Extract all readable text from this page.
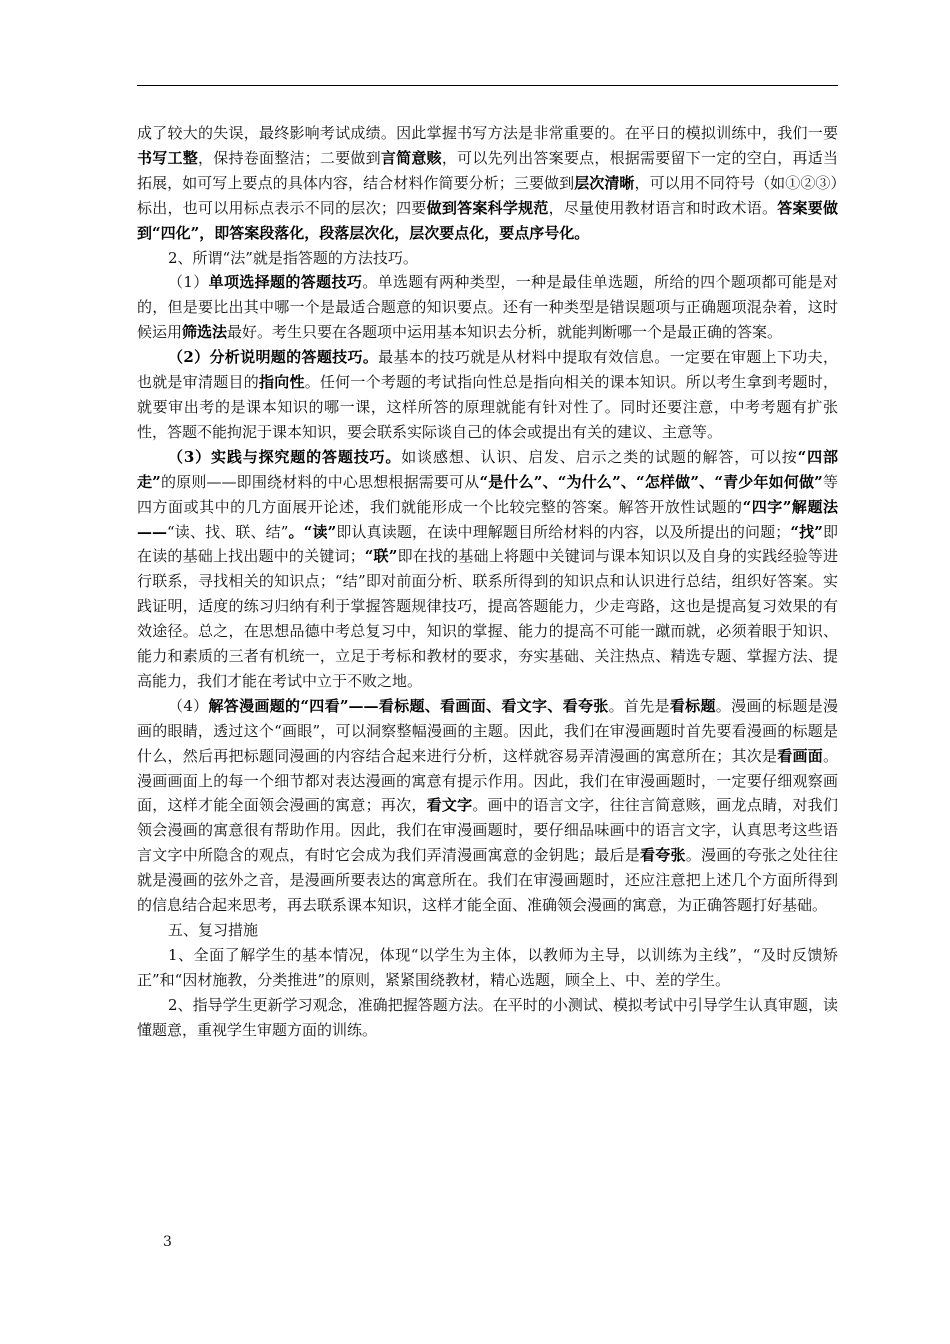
成了较大的失误，最终影响考试成绩。因此掌握书写方法是非常重要的。在平日的模拟训练中，我们一要书写工整，保持卷面整洁；二要做到言简意赅，可以先列出答案要点，根据需要留下一定的空白，再适当拓展，如可写上要点的具体内容，结合材料作简要分析；三要做到层次清晰，可以用不同符号（如①②③）标出，也可以用标点表示不同的层次；四要做到答案科学规范，尽量使用教材语言和时政术语。答案要做到“四化”，即答案段落化，段落层次化，层次要点化，要点序号化。

2、所谓“法”就是指答题的方法技巧。

（1）单项选择题的答题技巧。单选题有两种类型，一种是最佳单选题，所给的四个题项都可能是对的，但是要比出其中哪一个是最适合题意的知识要点。还有一种类型是错误题项与正确题项混杂着，这时候运用筛选法最好。考生只要在各题项中运用基本知识去分析，就能判断哪一个是最正确的答案。

（2）分析说明题的答题技巧。最基本的技巧就是从材料中提取有效信息。一定要在审题上下功夫，也就是审清题目的指向性。任何一个考题的考试指向性总是指向相关的课本知识。所以考生拿到考题时，就要审出考的是课本知识的哪一课，这样所答的原理就能有针对性了。同时还要注意，中考考题有扩张性，答题不能拘泥于课本知识，要会联系实际谈自己的体会或提出有关的建议、主意等。

（3）实践与探究题的答题技巧。如谈感想、认识、启发、启示之类的试题的解答，可以按“四部走”的原则——即围绕材料的中心思想根据需要可从“是什么”、“为什么”、“怎样做”、“青少年如何做”等四方面或其中的几方面展开论述，我们就能形成一个比较完整的答案。解答开放性试题的“四字”解题法——“读、找、联、结”。“读”即认真读题，在读中理解题目所给材料的内容，以及所提出的问题；“找”即在读的基础上找出题中的关键词；“联”即在找的基础上将题中关键词与课本知识以及自身的实践经验等进行联系，寻找相关的知识点；“结”即对前面分析、联系所得到的知识点和认识进行总结，组织好答案。实践证明，适度的练习归纳有利于掌握答题规律技巧，提高答题能力，少走弯路，这也是提高复习效果的有效途径。总之，在思想品德中考总复习中，知识的掌握、能力的提高不可能一蹴而就，必须着眼于知识、能力和素质的三者有机统一，立足于考标和教材的要求，夯实基础、关注热点、精选专题、掌握方法、提高能力，我们才能在考试中立于不败之地。

（4）解答漫画题的“四看”——看标题、看画面、看文字、看夸张。首先是看标题。漫画的标题是漫画的眼睛，透过这个“画眼”，可以洞察整幅漫画的主题。因此，我们在审漫画题时首先要看漫画的标题是什么，然后再把标题同漫画的内容结合起来进行分析，这样就容易弄清漫画的寓意所在；其次是看画面。漫画画面上的每一个细节都对表达漫画的寓意有提示作用。因此，我们在审漫画题时，一定要仔细观察画面，这样才能全面领会漫画的寓意；再次，看文字。画中的语言文字，往往言简意赅，画龙点睛，对我们领会漫画的寓意很有帮助作用。因此，我们在审漫画题时，要仔细品味画中的语言文字，认真思考这些语言文字中所隐含的观点，有时它会成为我们弄清漫画寓意的金钥匙；最后是看夸张。漫画的夸张之处往往就是漫画的弦外之音，是漫画所要表达的寓意所在。我们在审漫画题时，还应注意把上述几个方面所得到的信息结合起来思考，再去联系课本知识，这样才能全面、准确领会漫画的寓意，为正确答题打好基础。

五、复习措施

1、全面了解学生的基本情况，体现“以学生为主体，以教师为主导，以训练为主线”，“及时反馈矫正”和“因材施教，分类推进”的原则，紧紧围绕教材，精心选题，顾全上、中、差的学生。

2、指导学生更新学习观念，准确把握答题方法。在平时的小测试、模拟考试中引导学生认真审题，读懂题意，重视学生审题方面的训练。

3
